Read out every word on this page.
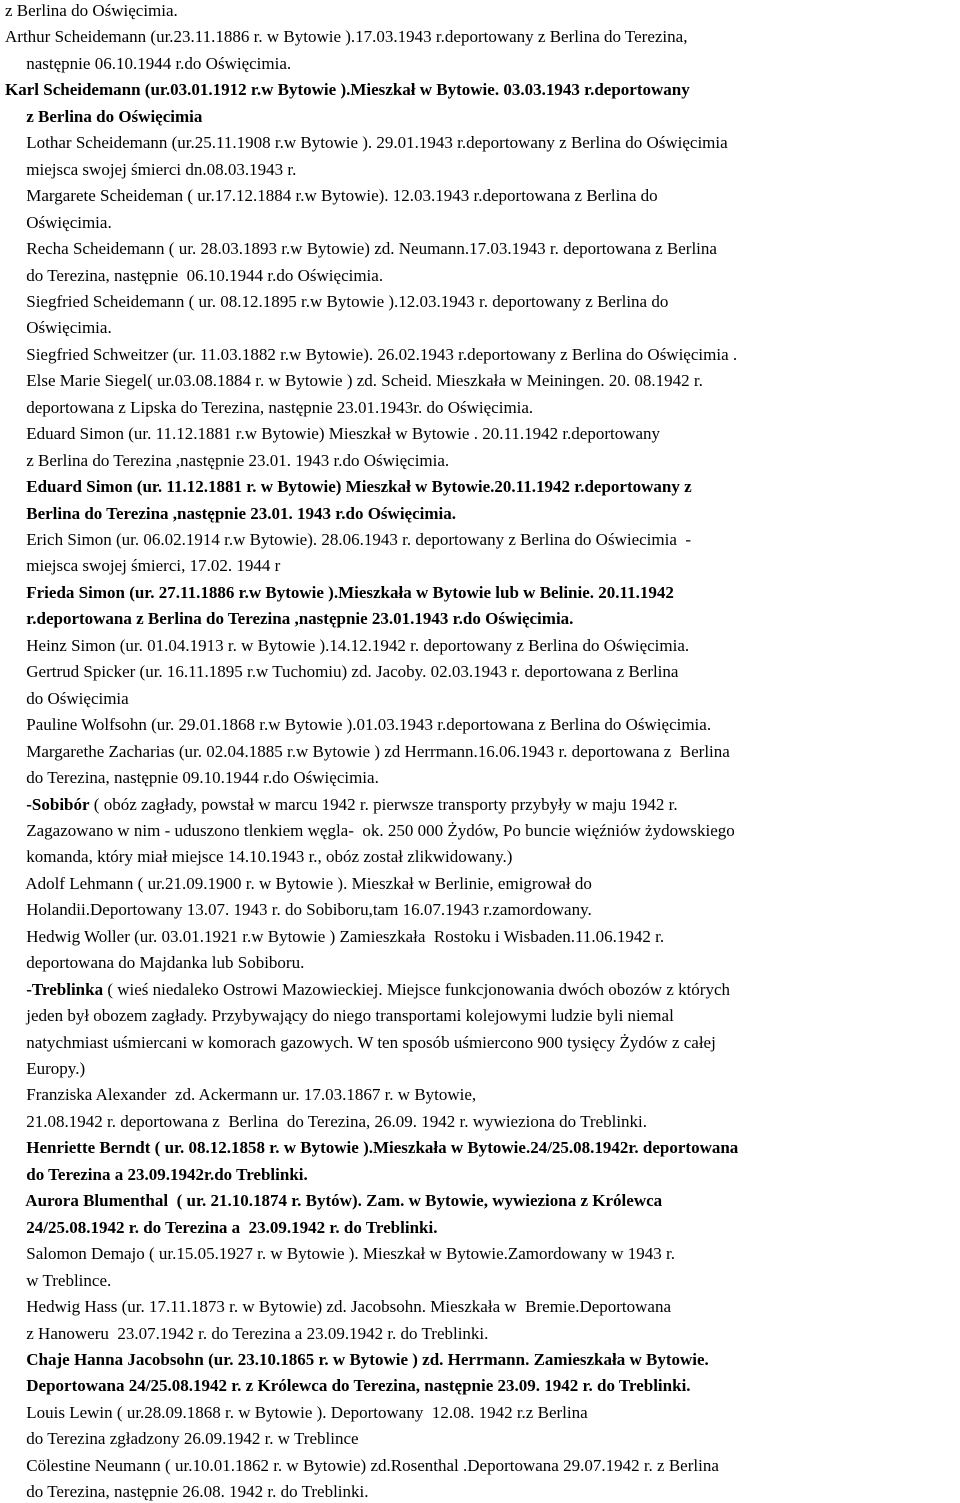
z Berlina do Oświęcimia.
Arthur Scheidemann (ur.23.11.1886 r. w Bytowie ).17.03.1943 r.deportowany z Berlina do Terezina,
następnie 06.10.1944 r.do Oświęcimia.
Karl Scheidemann (ur.03.01.1912 r.w Bytowie ).Mieszkał w Bytowie. 03.03.1943 r.deportowany
z Berlina do Oświęcimia
Lothar Scheidemann (ur.25.11.1908 r.w Bytowie ). 29.01.1943 r.deportowany z Berlina do Oświęcimia
miejsca swojej śmierci dn.08.03.1943 r.
Margarete Scheideman ( ur.17.12.1884 r.w Bytowie). 12.03.1943 r.deportowana z Berlina do
Oświęcimia.
Recha Scheidemann ( ur. 28.03.1893 r.w Bytowie) zd. Neumann.17.03.1943 r. deportowana z Berlina
do Terezina, następnie  06.10.1944 r.do Oświęcimia.
Siegfried Scheidemann ( ur. 08.12.1895 r.w Bytowie ).12.03.1943 r. deportowany z Berlina do
Oświęcimia.
Siegfried Schweitzer (ur. 11.03.1882 r.w Bytowie). 26.02.1943 r.deportowany z Berlina do Oświęcimia .
Else Marie Siegel( ur.03.08.1884 r. w Bytowie ) zd. Scheid. Mieszkała w Meiningen. 20. 08.1942 r.
deportowana z Lipska do Terezina, następnie 23.01.1943r. do Oświęcimia.
Eduard Simon (ur. 11.12.1881 r.w Bytowie) Mieszkał w Bytowie . 20.11.1942 r.deportowany
z Berlina do Terezina ,następnie 23.01. 1943 r.do Oświęcimia.
Eduard Simon (ur. 11.12.1881 r. w Bytowie) Mieszkał w Bytowie.20.11.1942 r.deportowany z
Berlina do Terezina ,następnie 23.01. 1943 r.do Oświęcimia.
Erich Simon (ur. 06.02.1914 r.w Bytowie). 28.06.1943 r. deportowany z Berlina do Oświecimia  -
miejsca swojej śmierci, 17.02. 1944 r
Frieda Simon (ur. 27.11.1886 r.w Bytowie ).Mieszkała w Bytowie lub w Belinie. 20.11.1942
r.deportowana z Berlina do Terezina ,następnie 23.01.1943 r.do Oświęcimia.
Heinz Simon (ur. 01.04.1913 r. w Bytowie ).14.12.1942 r. deportowany z Berlina do Oświęcimia.
Gertrud Spicker (ur. 16.11.1895 r.w Tuchomiu) zd. Jacoby. 02.03.1943 r. deportowana z Berlina
do Oświęcimia
Pauline Wolfsohn (ur. 29.01.1868 r.w Bytowie ).01.03.1943 r.deportowana z Berlina do Oświęcimia.
Margarethe Zacharias (ur. 02.04.1885 r.w Bytowie ) zd Herrmann.16.06.1943 r. deportowana z  Berlina
do Terezina, następnie 09.10.1944 r.do Oświęcimia.
-Sobibór ( obóz zagłady, powstał w marcu 1942 r. pierwsze transporty przybyły w maju 1942 r.
Zagazowano w nim - uduszono tlenkiem węgla-  ok. 250 000 Żydów, Po buncie więźniów żydowskiego
komanda, który miał miejsce 14.10.1943 r., obóz został zlikwidowany.)
Adolf Lehmann ( ur.21.09.1900 r. w Bytowie ). Mieszkał w Berlinie, emigrował do
Holandii.Deportowany 13.07. 1943 r. do Sobiboru,tam 16.07.1943 r.zamordowany.
Hedwig Woller (ur. 03.01.1921 r.w Bytowie ) Zamieszkała  Rostoku i Wisbaden.11.06.1942 r.
deportowana do Majdanka lub Sobiboru.
-Treblinka ( wieś niedaleko Ostrowi Mazowieckiej. Miejsce funkcjonowania dwóch obozów z których
jeden był obozem zagłady. Przybywający do niego transportami kolejowymi ludzie byli niemal
natychmiast uśmiercani w komorach gazowych. W ten sposób uśmiercono 900 tysięcy Żydów z całej
Europy.)
Franziska Alexander  zd. Ackermann ur. 17.03.1867 r. w Bytowie,
21.08.1942 r. deportowana z  Berlina  do Terezina, 26.09. 1942 r. wywieziona do Treblinki.
Henriette Berndt ( ur. 08.12.1858 r. w Bytowie ).Mieszkała w Bytowie.24/25.08.1942r. deportowana
do Terezina a 23.09.1942r.do Treblinki.
Aurora Blumenthal  ( ur. 21.10.1874 r. Bytów). Zam. w Bytowie, wywieziona z Królewca
24/25.08.1942 r. do Terezina a  23.09.1942 r. do Treblinki.
Salomon Demajo ( ur.15.05.1927 r. w Bytowie ). Mieszkał w Bytowie.Zamordowany w 1943 r.
w Treblince.
Hedwig Hass (ur. 17.11.1873 r. w Bytowie) zd. Jacobsohn. Mieszkała w  Bremie.Deportowana
z Hanoweru  23.07.1942 r. do Terezina a 23.09.1942 r. do Treblinki.
Chaje Hanna Jacobsohn (ur. 23.10.1865 r. w Bytowie ) zd. Herrmann. Zamieszkała w Bytowie.
Deportowana 24/25.08.1942 r. z Królewca do Terezina, następnie 23.09. 1942 r. do Treblinki.
Louis Lewin ( ur.28.09.1868 r. w Bytowie ). Deportowany  12.08. 1942 r.z Berlina
do Terezina zgładzony 26.09.1942 r. w Treblince
Cölestine Neumann ( ur.10.01.1862 r. w Bytowie) zd.Rosenthal .Deportowana 29.07.1942 r. z Berlina
do Terezina, następnie 26.08. 1942 r. do Treblinki.
